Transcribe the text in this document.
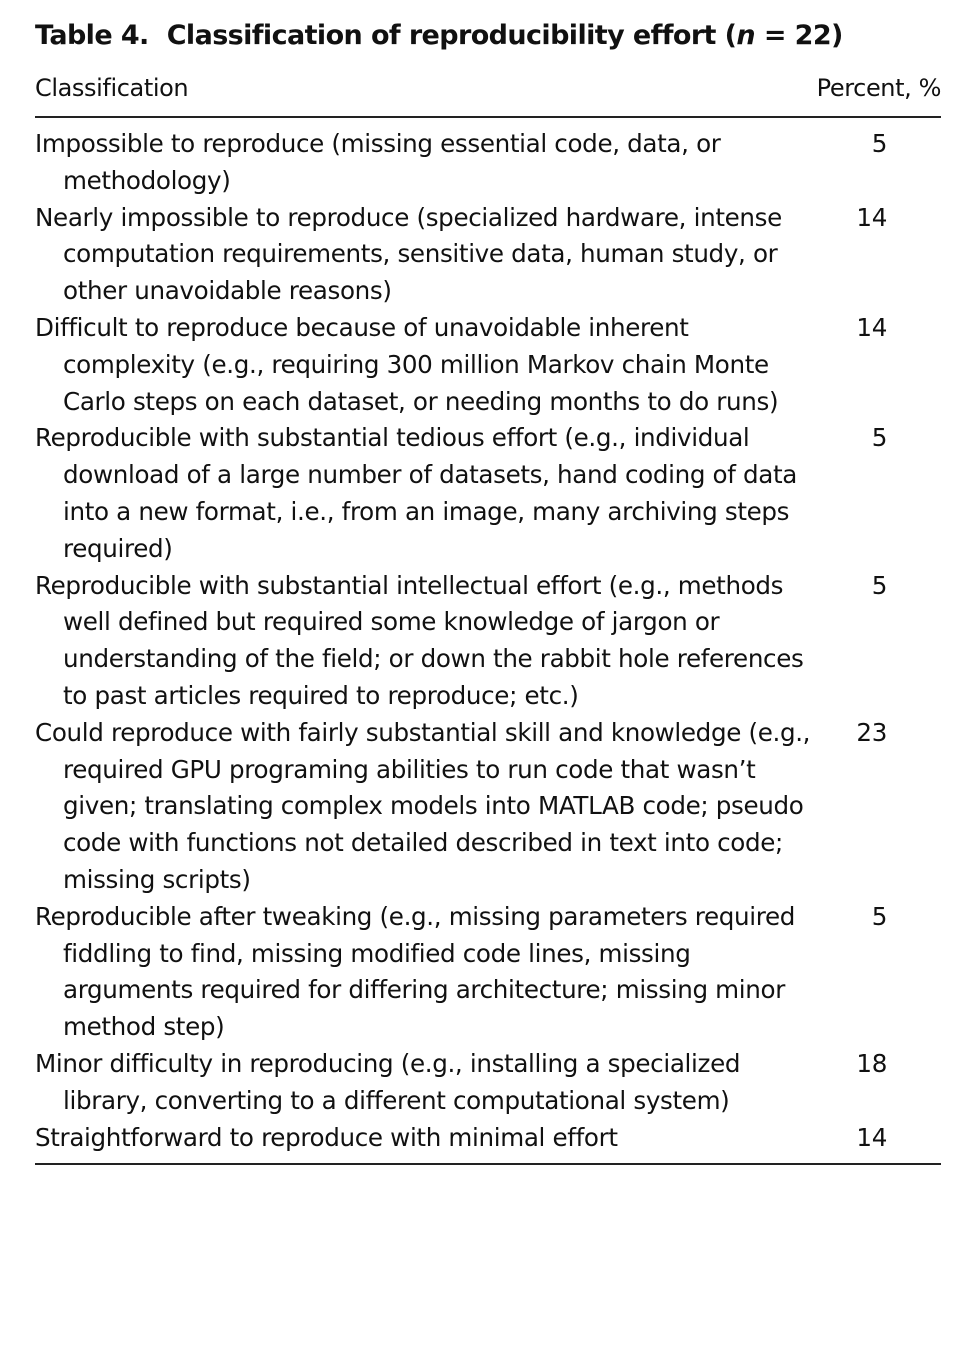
Table 4. Classification of reproducibility effort (n = 22)
Classification	Percent, %
Impossible to reproduce (missing essential code, data, or methodology)
5
Nearly impossible to reproduce (specialized hardware, intense computation requirements, sensitive data, human study, or other unavoidable reasons)
14
Difficult to reproduce because of unavoidable inherent complexity (e.g., requiring 300 million Markov chain Monte Carlo steps on each dataset, or needing months to do runs)
14
Reproducible with substantial tedious effort (e.g., individual download of a large number of datasets, hand coding of data into a new format, i.e., from an image, many archiving steps required)
5
Reproducible with substantial intellectual effort (e.g., methods well defined but required some knowledge of jargon or understanding of the field; or down the rabbit hole references to past articles required to reproduce; etc.)
5
Could reproduce with fairly substantial skill and knowledge (e.g., required GPU programing abilities to run code that wasn’t given; translating complex models into MATLAB code; pseudo code with functions not detailed described in text into code; missing scripts)
23
Reproducible after tweaking (e.g., missing parameters required fiddling to find, missing modified code lines, missing arguments required for differing architecture; missing minor method step)
5
Minor difficulty in reproducing (e.g., installing a specialized library, converting to a different computational system)
18
Straightforward to reproduce with minimal effort	14
